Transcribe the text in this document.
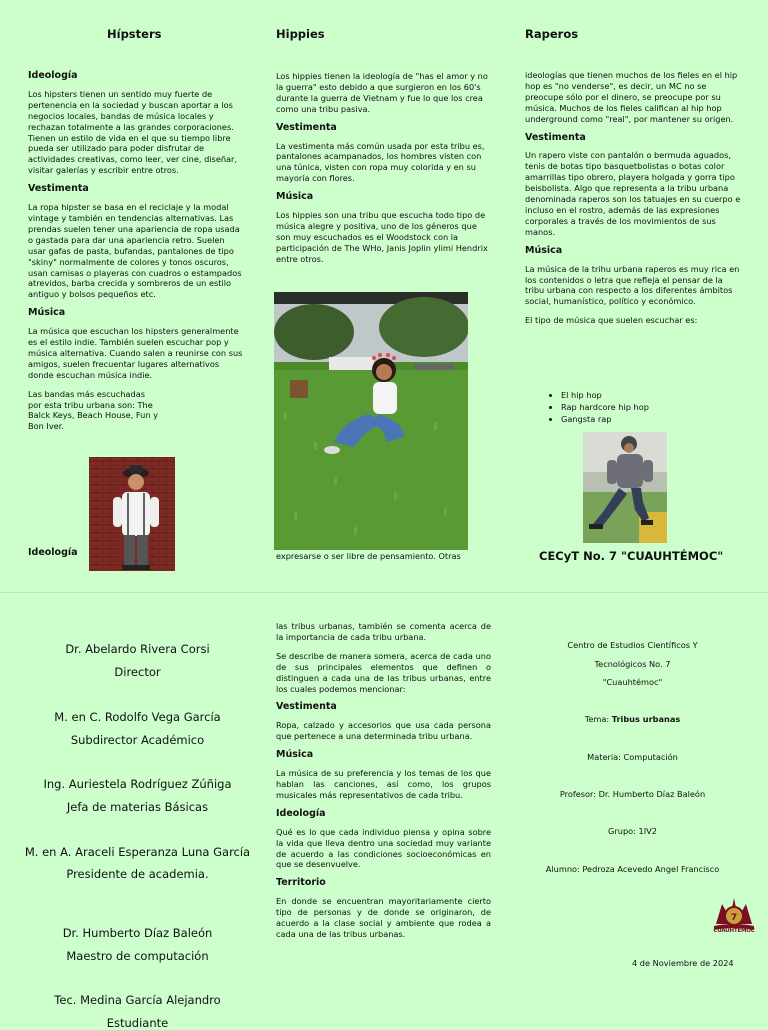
Hípsters
Ideología

Los hipsters tienen un sentido muy fuerte de pertenencia en la sociedad y buscan aportar a los negocios locales, bandas de música locales y rechazan totalmente a las grandes corporaciones. Tienen un estilo de vida en el que su tiempo libre pueda ser utilizado para poder disfrutar de actividades creativas, como leer, ver cine, diseñar, visitar galerías y escribir entre otros.

Vestimenta

La ropa hipster se basa en el reciclaje y la modal vintage y también en tendencias alternativas. Las prendas suelen tener una apariencia de ropa usada o gastada para dar una apariencia retro. Suelen usar gafas de pasta, bufandas, pantalones de tipo "skiny" normalmente de colores y tonos oscuros, usan camisas o playeras con cuadros o estampados atrevidos, barba crecida y sombreros de un estilo antiguo y bolsos pequeños etc.

Música

La música que escuchan los hipsters generalmente es el estilo indie. También suelen escuchar pop y música alternativa. Cuando salen a reunirse con sus amigos, suelen frecuentar lugares alternativos donde escuchan música indie.

Las bandas más escuchadas por esta tribu urbana son: The Balck Keys, Beach House, Fun y Bon Iver.

Ideología
Hippies

Los hippies tienen la ideología de "has el amor y no la guerra" esto debido a que surgieron en los 60's durante la guerra de Vietnam y fue lo que los crea como una tribu pasiva.

Vestimenta

La vestimenta más común usada por esta tribu es, pantalones acampanados, los hombres visten con una túnica, visten con ropa muy colorida y en su mayoría con flores.

Música

Los hippies son una tribu que escucha todo tipo de música alegre y positiva, uno de los géneros que son muy escuchados es el Woodstock con la participación de The WHo, Janis Joplin ylimi Hendrix entre otros.

expresarse o ser libre de pensamiento. Otras

Raperos

ideologías que tienen muchos de los fieles en el hip hop es "no venderse", es decir, un MC no se preocupe sólo por el dinero, se preocupe por su música. Muchos de los fieles califican al hip hop underground como "real", por mantener su origen.

Vestimenta

Un rapero viste con pantalón o bermuda aguados, tenis de botas tipo basquetbolistas o botas color amarrillas tipo obrero, playera holgada y gorra tipo beisbolista. Algo que representa a la tribu urbana denominada raperos son los tatuajes en su cuerpo e incluso en el rostro, además de las expresiones corporales a través de los movimientos de sus manos.

Música

La música de la trihu urbana raperos es muy rica en los contenidos o letra que refleja el pensar de la tribu urbana con respecto a los diferentes ámbitos social, humanístico, político y económico.

El tipo de música que suelen escuchar es:

• El hip hop
• Rap hardcore hip hop
• Gangsta rap
CECyT No. 7 "CUAUHTÉMOC"
Dr. Abelardo Rivera Corsi
Director
M. en C. Rodolfo Vega García
Subdirector Académico
Ing. Auriestela Rodríguez Zúñiga
Jefa de materias Básicas
M. en A. Araceli Esperanza Luna García
Presidente de academia.
Dr. Humberto Díaz Baleón
Maestro de computación
Tec. Medina García Alejandro
Estudiante

las tribus urbanas, también se comenta acerca de la importancia de cada tribu urbana.

Se describe de manera somera, acerca de cada uno de sus principales elementos que definen o distinguen a cada una de las tribus urbanas, entre los cuales podemos mencionar:

Vestimenta

Ropa, calzado y accesorios que usa cada persona que pertenece a una determinada tribu urbana.

Música

La música de su preferencia y los temas de los que hablan las canciones, así como, los grupos musicales más representativos de cada tribu.

Ideología

Qué es lo que cada individuo piensa y opina sobre la vida que lleva dentro una sociedad muy variante de acuerdo a las condiciones socioeconómicas en que se desenvuelve.

Territorio

En donde se encuentran mayoritariamente cierto tipo de personas y de donde se originaron, de acuerdo a la clase social y ambiente que rodea a cada una de las tribus urbanas.

Centro de Estudios Científicos Y
Tecnológicos No. 7
"Cuauhtémoc"
Tema: Tribus urbanas
Materia: Computación
Profesor: Dr. Humberto Díaz Baleón
Grupo: 1IV2
Alumno: Pedroza Acevedo Angel Francisco
7
CUAUHTÉMOC
4 de Noviembre de 2024
